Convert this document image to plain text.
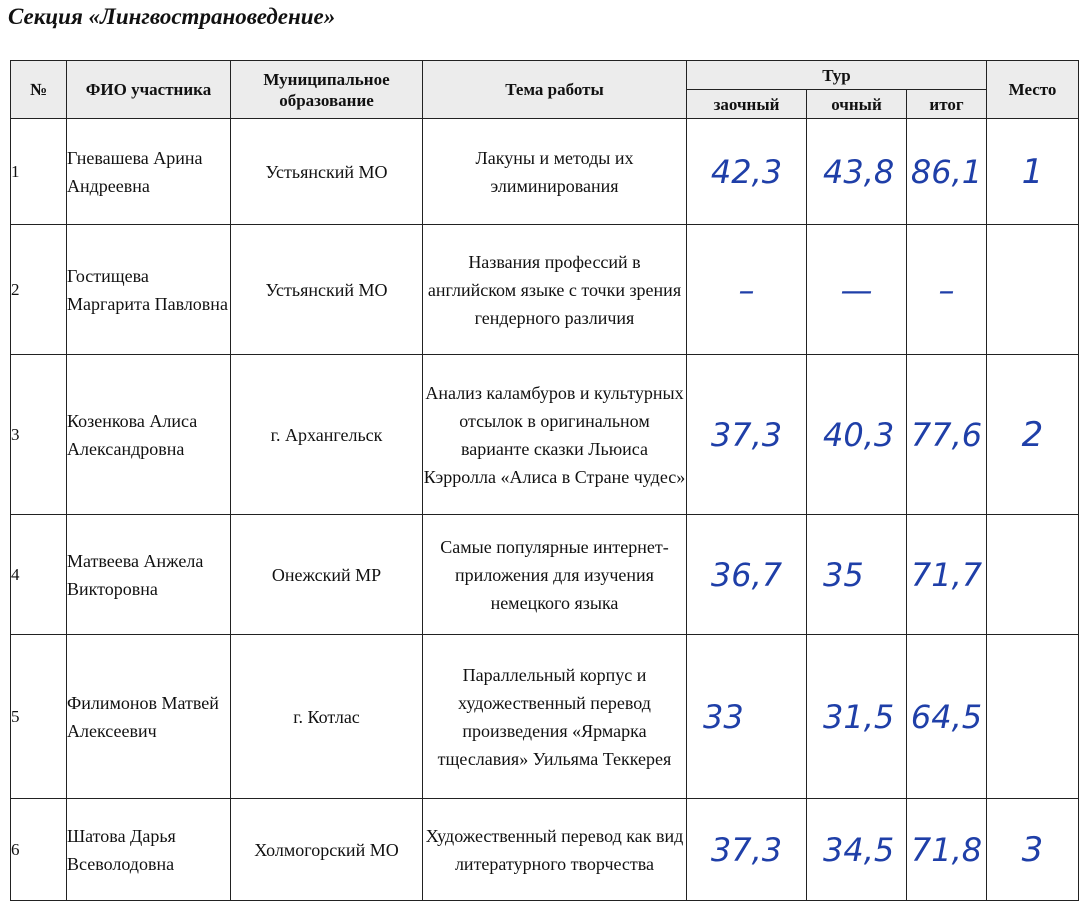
Секция «Лингвострановедение»
№	ФИО участника	Муниципальное образование	Тема работы	Тур			Место
				заочный	очный	итог	
1	Гневашева Арина Андреевна	Устьянский МО	Лакуны и методы их элиминирования	42,3	43,8	86,1	1
2	Гостищева Маргарита Павловна	Устьянский МО	Названия профессий в английском языке с точки зрения гендерного различия	–	—	–	
3	Козенкова Алиса Александровна	г. Архангельск	Анализ каламбуров и культурных отсылок в оригинальном варианте сказки Льюиса Кэрролла «Алиса в Стране чудес»	37,3	40,3	77,6	2
4	Матвеева Анжела Викторовна	Онежский МР	Самые популярные интернет-приложения для изучения немецкого языка	36,7	35	71,7	
5	Филимонов Матвей Алексеевич	г. Котлас	Параллельный корпус и художественный перевод произведения «Ярмарка тщеславия» Уильяма Теккерея	33	31,5	64,5	
6	Шатова Дарья Всеволодовна	Холмогорский МО	Художественный перевод как вид литературного творчества	37,3	34,5	71,8	3
